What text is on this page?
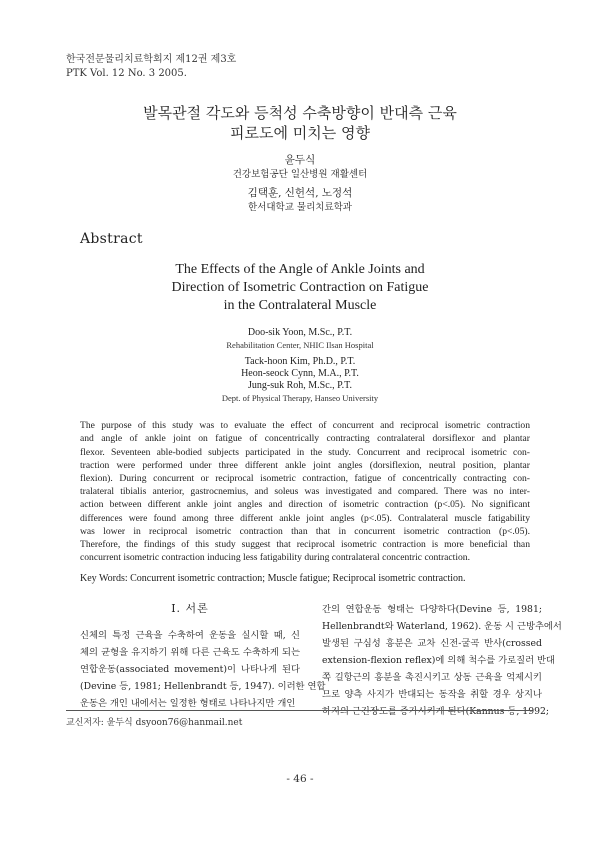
한국전문물리치료학회지 제12권 제3호
PTK Vol. 12 No. 3 2005.
발목관절 각도와 등척성 수축방향이 반대측 근육
피로도에 미치는 영향
윤두식
건강보험공단 일산병원 재활센터
김택훈, 신헌석, 노정석
한서대학교 물리치료학과
Abstract
The Effects of the Angle of Ankle Joints and
Direction of Isometric Contraction on Fatigue
in the Contralateral Muscle
Doo-sik Yoon, M.Sc., P.T.
Rehabilitation Center, NHIC Ilsan Hospital
Tack-hoon Kim, Ph.D., P.T.
Heon-seock Cynn, M.A., P.T.
Jung-suk Roh, M.Sc., P.T.
Dept. of Physical Therapy, Hanseo University
The purpose of this study was to evaluate the effect of concurrent and reciprocal isometric contraction
and angle of ankle joint on fatigue of concentrically contracting contralateral dorsiflexor and plantar
flexor. Seventeen able-bodied subjects participated in the study. Concurrent and reciprocal isometric con-
traction were performed under three different ankle joint angles (dorsiflexion, neutral position, plantar
flexion). During concurrent or reciprocal isometric contraction, fatigue of concentrically contracting con-
tralateral tibialis anterior, gastrocnemius, and soleus was investigated and compared. There was no inter-
action between different ankle joint angles and direction of isometric contraction (p<.05). No significant
differences were found among three different ankle joint angles (p<.05). Contralateral muscle fatigability
was lower in reciprocal isometric contraction than that in concurrent isometric contraction (p<.05).
Therefore, the findings of this study suggest that reciprocal isometric contraction is more beneficial than
concurrent isometric contraction inducing less fatigability during contralateral concentric contraction.
Key Words: Concurrent isometric contraction; Muscle fatigue; Reciprocal isometric contraction.
Ⅰ. 서론
신체의 특정 근육을 수축하여 운동을 실시할 때, 신
체의 균형을 유지하기 위해 다른 근육도 수축하게 되는
연합운동(associated movement)이 나타나게 된다
(Devine 등, 1981; Hellenbrandt 등, 1947). 이러한 연합
운동은 개인 내에서는 일정한 형태로 나타나지만 개인
간의 연합운동 형태는 다양하다(Devine 등, 1981;
Hellenbrandt와 Waterland, 1962). 운동 시 근방추에서
발생된 구심성 흥분은 교차 신전-굴곡 반사(crossed
extension-flexion reflex)에 의해 척수를 가로질러 반대
쪽 길항근의 흥분을 촉진시키고 상동 근육을 억제시키
므로 양측 사지가 반대되는 동작을 취할 경우 상지나
하지의 근긴장도를 증가시키게 된다(Kannus 등, 1992;
교신저자: 윤두식 dsyoon76@hanmail.net
- 46 -
